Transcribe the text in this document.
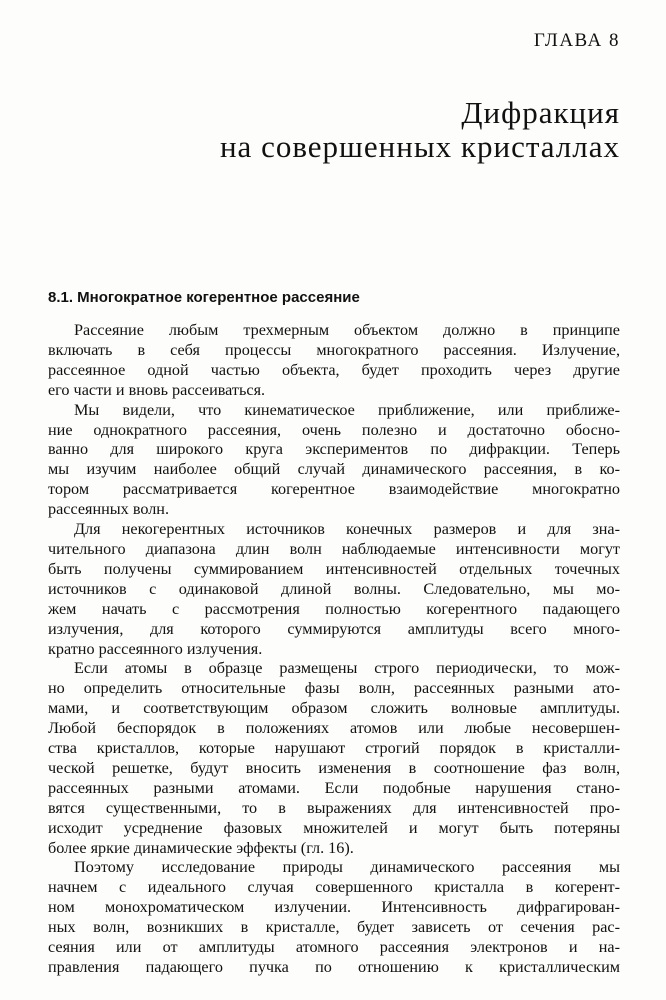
ГЛАВА 8
Дифракция
на совершенных кристаллах
8.1. Многократное когерентное рассеяние
Рассеяние любым трехмерным объектом должно в принципе
включать в себя процессы многократного рассеяния. Излучение,
рассеянное одной частью объекта, будет проходить через другие
его части и вновь рассеиваться.
Мы видели, что кинематическое приближение, или приближе-
ние однократного рассеяния, очень полезно и достаточно обосно-
ванно для широкого круга экспериментов по дифракции. Теперь
мы изучим наиболее общий случай динамического рассеяния, в ко-
тором рассматривается когерентное взаимодействие многократно
рассеянных волн.
Для некогерентных источников конечных размеров и для зна-
чительного диапазона длин волн наблюдаемые интенсивности могут
быть получены суммированием интенсивностей отдельных точечных
источников с одинаковой длиной волны. Следовательно, мы мо-
жем начать с рассмотрения полностью когерентного падающего
излучения, для которого суммируются амплитуды всего много-
кратно рассеянного излучения.
Если атомы в образце размещены строго периодически, то мож-
но определить относительные фазы волн, рассеянных разными ато-
мами, и соответствующим образом сложить волновые амплитуды.
Любой беспорядок в положениях атомов или любые несовершен-
ства кристаллов, которые нарушают строгий порядок в кристалли-
ческой решетке, будут вносить изменения в соотношение фаз волн,
рассеянных разными атомами. Если подобные нарушения стано-
вятся существенными, то в выражениях для интенсивностей про-
исходит усреднение фазовых множителей и могут быть потеряны
более яркие динамические эффекты (гл. 16).
Поэтому исследование природы динамического рассеяния мы
начнем с идеального случая совершенного кристалла в когерент-
ном монохроматическом излучении. Интенсивность дифрагирован-
ных волн, возникших в кристалле, будет зависеть от сечения рас-
сеяния или от амплитуды атомного рассеяния электронов и на-
правления падающего пучка по отношению к кристаллическим
